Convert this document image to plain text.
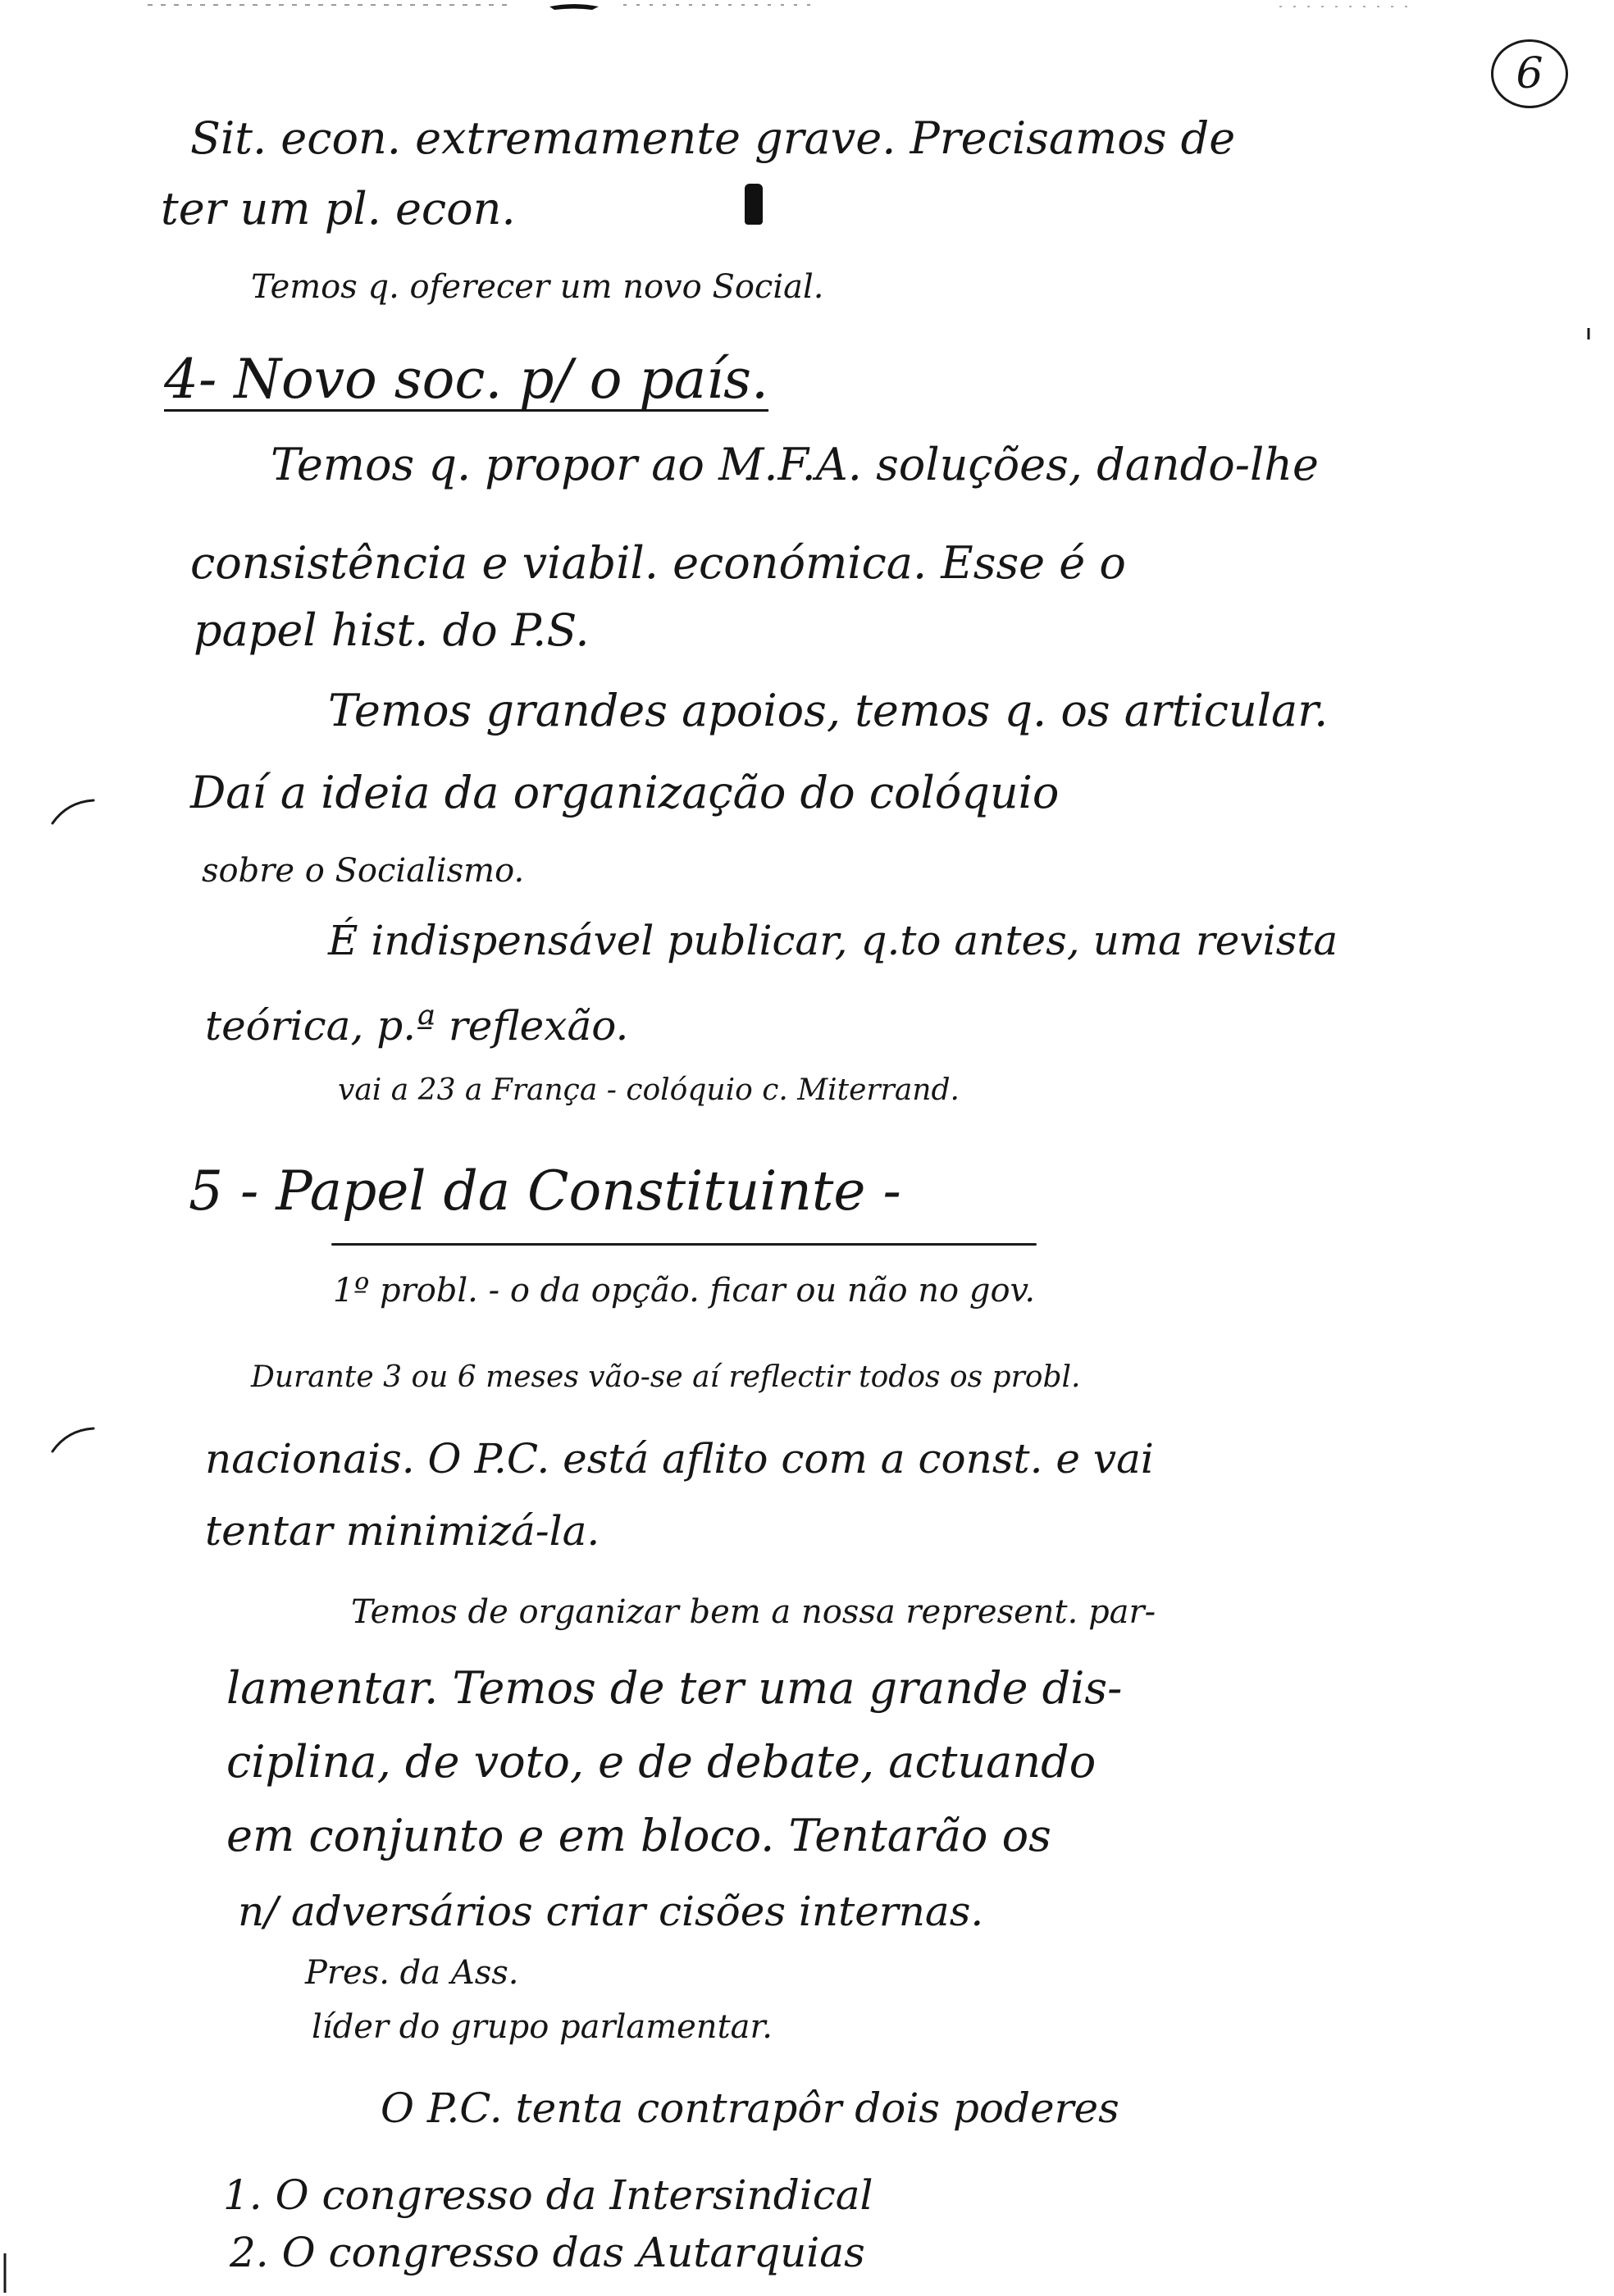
6
Sit. econ. extremamente grave. Precisamos de
ter um pl. econ.
Temos q. oferecer um novo Social.
4- Novo soc. p/ o país.
Temos q. propor ao M.F.A. soluções, dando-lhe
consistência e viabil. económica. Esse é o
papel hist. do P.S.
Temos grandes apoios, temos q. os articular.
Daí a ideia da organização do colóquio
sobre o Socialismo.
É indispensável publicar, q.to antes, uma revista
teórica, p.ª reflexão.
vai a 23 a França - colóquio c. Miterrand.
5 - Papel da Constituinte -
1º probl. - o da opção. ficar ou não no gov.
Durante 3 ou 6 meses vão-se aí reflectir todos os probl.
nacionais. O P.C. está aflito com a const. e vai
tentar minimizá-la.
Temos de organizar bem a nossa represent. par-
lamentar. Temos de ter uma grande dis-
ciplina, de voto, e de debate, actuando
em conjunto e em bloco. Tentarão os
n/ adversários criar cisões internas.
Pres. da Ass.
líder do grupo parlamentar.
O P.C. tenta contrapôr dois poderes
1. O congresso da Intersindical
2. O congresso das Autarquias
